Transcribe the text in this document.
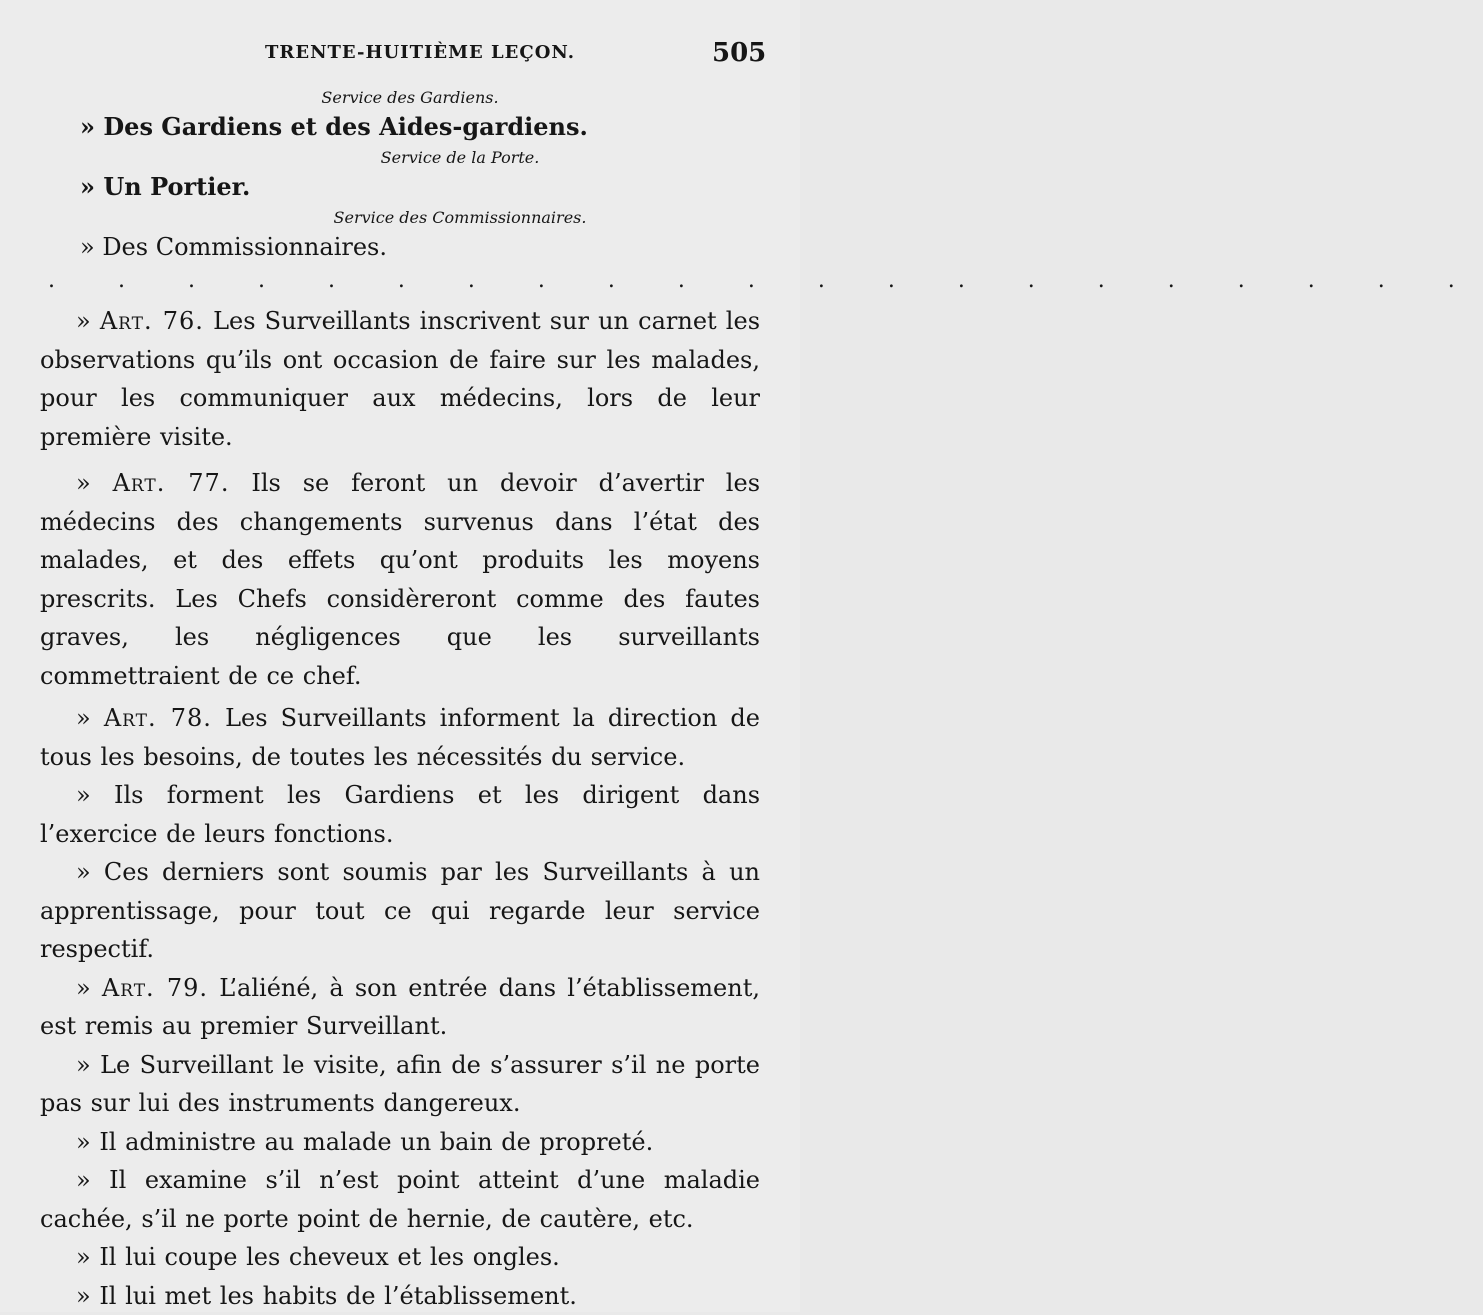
TRENTE-HUITIÈME LEÇON.	505
Service des Gardiens.
» Des Gardiens et des Aides-gardiens.
Service de la Porte.
» Un Portier.
Service des Commissionnaires.
» Des Commissionnaires.
. . . . . . . . . . . . . . . . . . . . .

» Art. 76. Les Surveillants inscrivent sur un carnet les observations qu’ils ont occasion de faire sur les malades, pour les communiquer aux médecins, lors de leur première visite.

» Art. 77. Ils se feront un devoir d’avertir les médecins des changements survenus dans l’état des malades, et des effets qu’ont produits les moyens prescrits. Les Chefs considèreront comme des fautes graves, les négligences que les surveillants commettraient de ce chef.

» Art. 78. Les Surveillants informent la direction de tous les besoins, de toutes les nécessités du service.

» Ils forment les Gardiens et les dirigent dans l’exercice de leurs fonctions.

» Ces derniers sont soumis par les Surveillants à un apprentissage, pour tout ce qui regarde leur service respectif.

» Art. 79. L’aliéné, à son entrée dans l’établissement, est remis au premier Surveillant.

» Le Surveillant le visite, afin de s’assurer s’il ne porte pas sur lui des instruments dangereux.

» Il administre au malade un bain de propreté.

» Il examine s’il n’est point atteint d’une maladie cachée, s’il ne porte point de hernie, de cautère, etc.

» Il lui coupe les cheveux et les ongles.

» Il lui met les habits de l’établissement.
